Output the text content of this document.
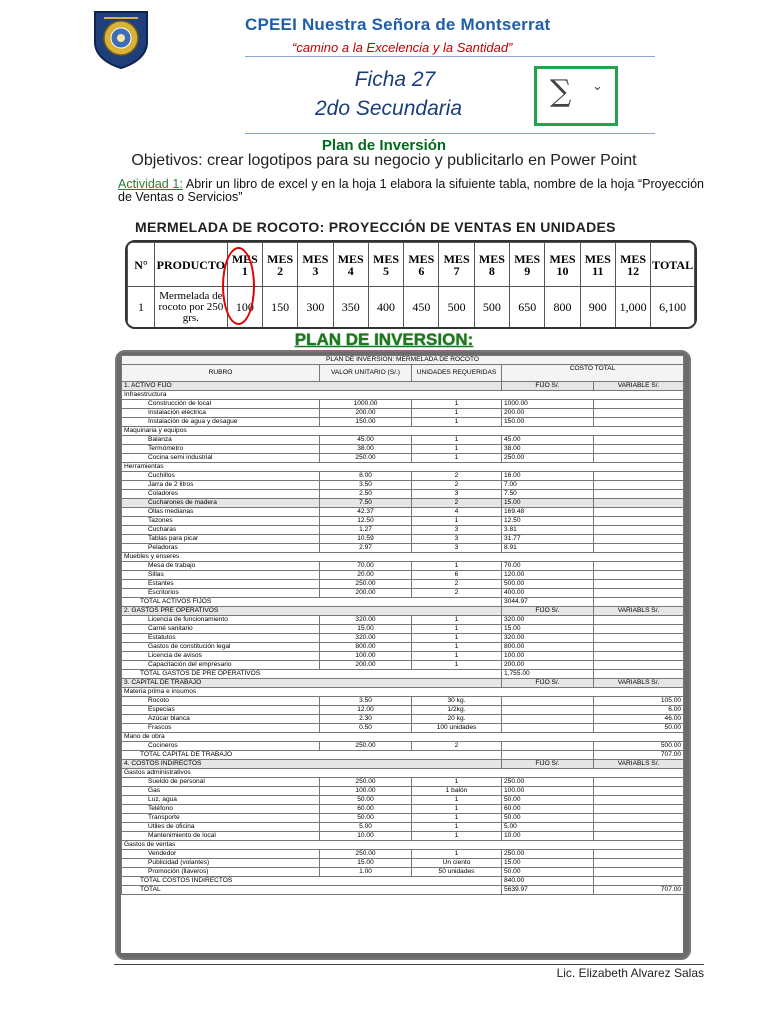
CPEEI Nuestra Señora de Montserrat
“camino a la Excelencia y la Santidad”
Ficha 27
2do Secundaria	∑ ⌄
Plan de Inversión
Objetivos: crear logotipos para su negocio y publicitarlo en Power Point
Actividad 1: Abrir un libro de excel y en la hoja 1 elabora la sifuiente tabla, nombre de la hoja “Proyección de Ventas o Servicios”
MERMELADA DE ROCOTO: PROYECCIÓN DE VENTAS EN UNIDADES
N°	PRODUCTO	MES 1	MES 2	MES 3	MES 4	MES 5	MES 6	MES 7	MES 8	MES 9	MES 10	MES 11	MES 12	TOTAL
1	Mermelada de rocoto por 250 grs.	100	150	300	350	400	450	500	500	650	800	900	1,000	6,100
PLAN DE INVERSION:
PLAN DE INVERSIÓN: MERMELADA DE ROCOTO				
RUBRO	VALOR UNITARIO (S/.)	UNIDADES REQUERIDAS	COSTO TOTAL	
1. ACTIVO FIJO			FIJO S/.	VARIABLE S/.
Infraestructura				
Construcción de local	1000.00	1	1000.00	
Instalación eléctrica	200.00	1	200.00	
Instalación de agua y desague	150.00	1	150.00	
Maquinaria y equipos				
Balanza	45.00	1	45.00	
Termómetro	38.00	1	38.00	
Cocina semi industrial	250.00	1	250.00	
Herramientas				
Cuchillos	8.00	2	16.00	
Jarra de 2 litros	3.50	2	7.00	
Coladores	2.50	3	7.50	
Cucharones de madera	7.50	2	15.00	
Ollas medianas	42.37	4	169.48	
Tazones	12.50	1	12.50	
Cucharas	1.27	3	3.81	
Tablas para picar	10.59	3	31.77	
Peladoras	2.97	3	8.91	
Muebles y enseres				
Mesa de trabajo	70.00	1	70.00	
Sillas	20.00	6	120.00	
Estantes	250.00	2	500.00	
Escritorios	200.00	2	400.00	
TOTAL ACTIVOS FIJOS			3044.97	
2. GASTOS PRE OPERATIVOS			FIJO S/.	VARIABLS S/.
Licencia de funcionamiento	320.00	1	320.00	
Carné sanitario	15.00	1	15.00	
Estatutos	320.00	1	320.00	
Gastos de constitución legal	800.00	1	800.00	
Licencia de avisos	100.00	1	100.00	
Capacitación del empresario	200.00	1	200.00	
TOTAL GASTOS DE PRE OPERATIVOS			1,755.00	
3. CAPITAL DE TRABAJO			FIJO S/.	VARIABLS S/.
Materia prima e insumos				
Rocoto	3.50	30 kg.		105.00
Especias	12.00	1/2kg.		6.00
Azúcar blanca	2.30	20 kg.		46.00
Frascos	0.50	100 unidades		50.00
Mano de obra				
Cocineros	250.00	2		500.00
TOTAL CAPITAL DE TRABAJO				707.00
4. COSTOS INDIRECTOS			FIJO S/.	VARIABLS S/.
Gastos administrativos				
Sueldo de personal	250.00	1	250.00	
Gas	100.00	1 balón	100.00	
Luz, agua	50.00	1	50.00	
Teléfono	60.00	1	60.00	
Transporte	50.00	1	50.00	
Utiles de oficina	5.00	1	5.00	
Mantenimiento de local	10.00	1	10.00	
Gastos de ventas				
Vendedor	250.00	1	250.00	
Publicidad (volantes)	15.00	Un ciento	15.00	
Promoción (llaveros)	1.00	50 unidades	50.00	
TOTAL COSTOS INDIRECTOS			840.00	
TOTAL			5639.97	707.00
Lic. Elizabeth Alvarez Salas
